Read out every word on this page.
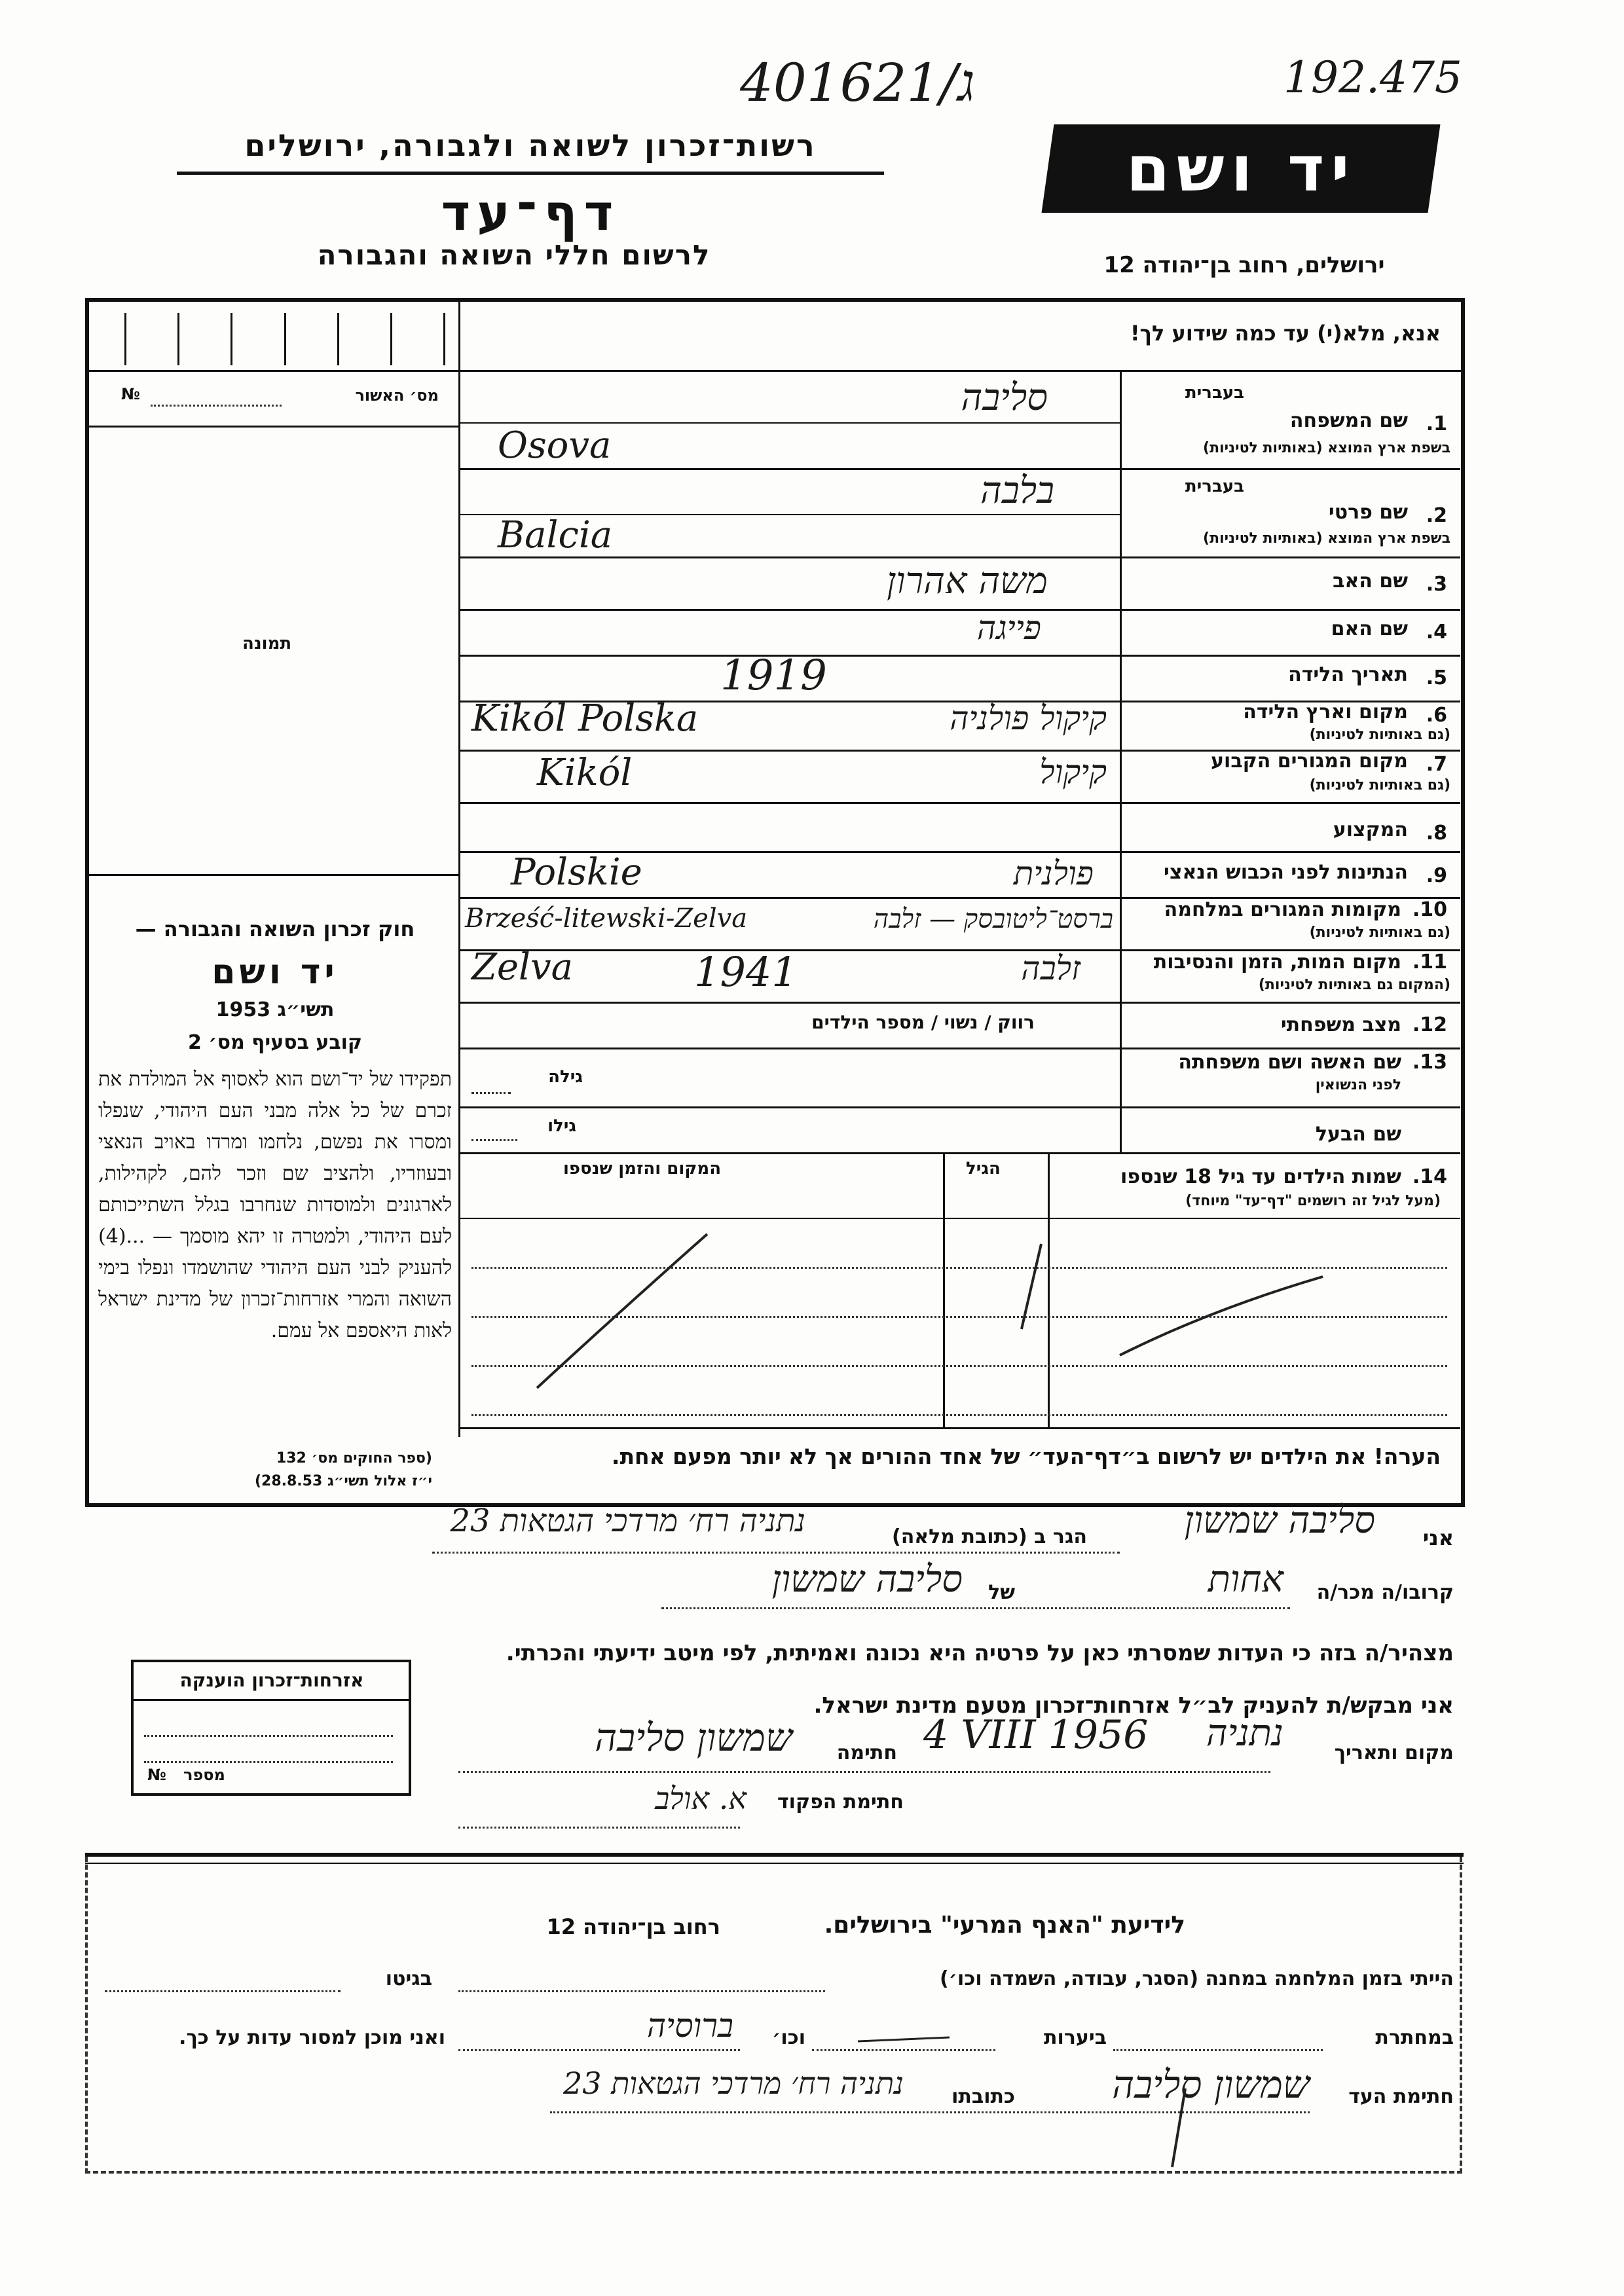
401621/ג	192.475
רשות־זכרון לשואה ולגבורה, ירושלים
דף־עד
לרשום חללי השואה והגבורה
יד ושם
ירושלים, רחוב בן־יהודה 12
אנא, מלא(י) עד כמה שידוע לך!
מס׳ האשור
№
תמונה
חוק זכרון השואה והגבורה —
יד ושם
תשי״ג 1953
קובע בסעיף מס׳ 2
תפקידו של יד־ושם הוא לאסוף אל המולדת את זכרם של כל אלה מבני העם היהודי, שנפלו ומסרו את נפשם, נלחמו ומרדו באויב הנאצי ובעוזריו, ולהציב שם וזכר להם, לקהילות, לארגונים ולמוסדות שנחרבו בגלל השתייכותם לעם היהודי, ולמטרה זו יהא מוסמך — ...(4) להעניק לבני העם היהודי שהושמדו ונפלו בימי השואה והמרי אזרחות־זכרון של מדינת ישראל לאות היאספם אל עמם.
(ספר החוקים מס׳ 132
י״ז אלול תשי״ג 28.8.53)
1.
בעברית
שם המשפחה
בשפת ארץ המוצא (באותיות לטיניות)
סליבה
Osova
2.
בעברית
שם פרטי
בשפת ארץ המוצא (באותיות לטיניות)
בלבה
Balcia
3.
שם האב
משה אהרון
4.
שם האם
פייגה
5.
תאריך הלידה
1919
6.
מקום וארץ הלידה
(גם באותיות לטיניות)
Kikól Polska	קיקול פולניה
7.
מקום המגורים הקבוע
(גם באותיות לטיניות)
Kikól	קיקול
8.
המקצוע
9.
הנתינות לפני הכבוש הנאצי
Polskie	פולנית
10.
מקומות המגורים במלחמה
(גם באותיות לטיניות)
Brześć-litewski-Zelva	ברסט־ליטובסק — זלבה
11.
מקום המות, הזמן והנסיבות
(המקום גם באותיות לטיניות)
Zelva	1941	זלבה
12.
מצב משפחתי
רווק / נשוי / מספר הילדים
13.
שם האשה ושם משפחתה
לפני הנשואין
גילה
שם הבעל
גילו
14.
שמות הילדים עד גיל 18 שנספו
(מעל לגיל זה רושמים "דף־עד" מיוחד)
הגיל
המקום והזמן שנספו
הערה! את הילדים יש לרשום ב״דף־העד״ של אחד ההורים אך לא יותר מפעם אחת.
אני
סליבה שמשון
הגר ב (כתובת מלאה)
נתניה רח׳ מרדכי הגטאות 23
קרובו/ה מכר/ה
אחות
של
סליבה שמשון
מצהיר/ה בזה כי העדות שמסרתי כאן על פרטיה היא נכונה ואמיתית, לפי מיטב ידיעתי והכרתי.
אזרחות־זכרון הוענקה
מספר
№
אני מבקש/ת להעניק לב״ל אזרחות־זכרון מטעם מדינת ישראל.
מקום ותאריך
נתניה
4 VIII 1956
חתימה
שמשון סליבה
חתימת הפקוד
א. אולב
לידיעת "האנף המרעי" בירושלים.
רחוב בן־יהודה 12
הייתי בזמן המלחמה במחנה (הסגר, עבודה, השמדה וכו׳)
בגיטו
במחתרת
ביערות
וכו׳
ברוסיה
ואני מוכן למסור עדות על כך.
חתימת העד
שמשון סליבה
כתובתו
נתניה רח׳ מרדכי הגטאות 23
